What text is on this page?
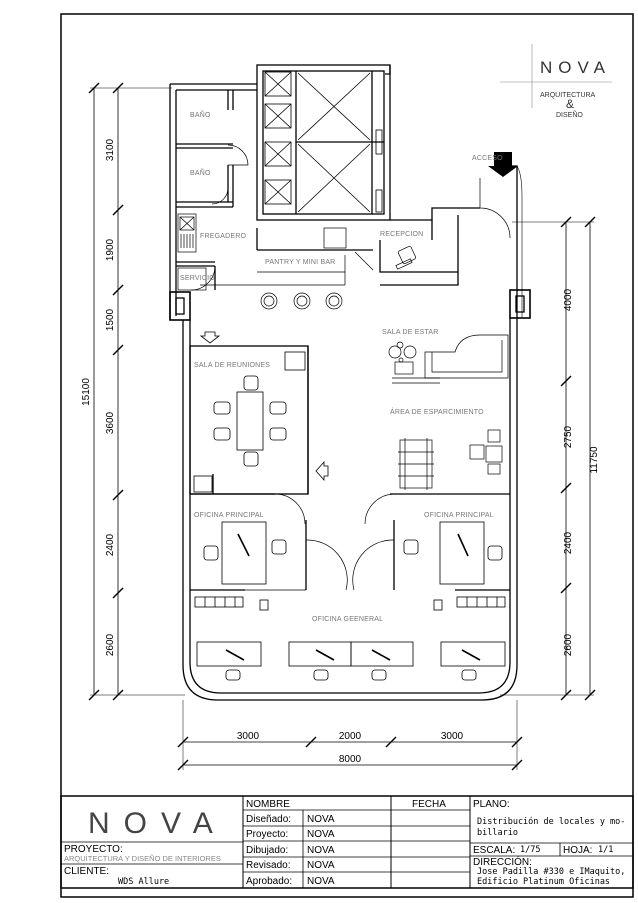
NOVA
ARQUITECTURA
&
DISEÑO
3100
1900
1500
3600
2400
2600
15100
4000
2750
2400
2600
11750
3000	2000	3000
8000
BAÑO
BAÑO
ACCESO
FREGADERO	RECEPCION
PANTRY Y MINI BAR
SERVICIO
SALA DE ESTAR
SALA DE REUNIONES
ÁREA DE ESPARCIMIENTO
OFICINA PRINCIPAL	OFICINA PRINCIPAL
OFICINA GEENERAL
NOVA
NOMBRE	FECHA	PLANO:
Distribución de locales y mo-
billario
Diseñado: NOVA
Proyecto: NOVA
Dibujado: NOVA
Revisado: NOVA
Aprobado: NOVA
PROYECTO:
ARQUITECTURA Y DISEÑO DE INTERIORES
CLIENTE:
WDS Allure
ESCALA: 1/75 HOJA: 1/1
DIRECCIÓN:
Jose Padilla #330 e IMaquito,
Edificio Platinum Oficinas
